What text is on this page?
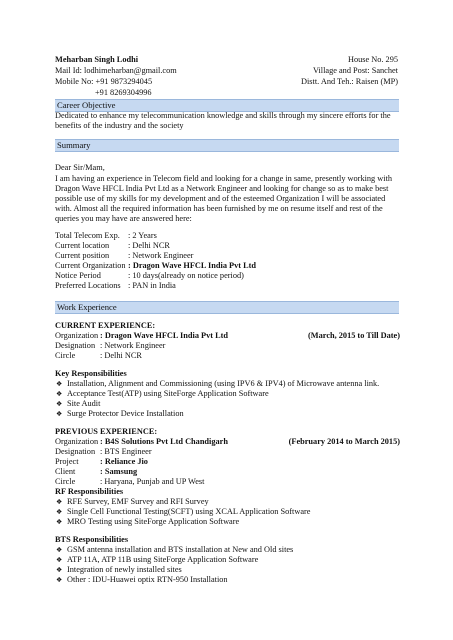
Meharban Singh Lodhi	House No. 295
Mail Id: lodhimeharban@gmail.com	Village and Post: Sanchet
Mobile No: +91 9873294045	Distt. And Teh.: Raisen (MP)
+91 8269304996
Career Objective
Dedicated to enhance my telecommunication knowledge and skills through my sincere efforts for the benefits of the industry and the society
Summary
Dear Sir/Mam,
I am having an experience in Telecom field and looking for a change in same, presently working with Dragon Wave HFCL India Pvt Ltd as a Network Engineer and looking for change so as to make best possible use of my skills for my development and of the esteemed Organization I will be associated with. Almost all the required information has been furnished by me on resume itself and rest of the queries you may have are answered here:
Total Telecom Exp. : 2 Years
Current location : Delhi NCR
Current position : Network Engineer
Current Organization : Dragon Wave HFCL India Pvt Ltd
Notice Period	: 10 days(already on notice period)
Preferred Locations : PAN in India
Work Experience
CURRENT EXPERIENCE:
Organization : Dragon Wave HFCL India Pvt Ltd	(March, 2015 to Till Date)
Designation : Network Engineer
Circle	: Delhi NCR
Key Responsibilities
❖ Installation, Alignment and Commissioning (using IPV6 & IPV4) of Microwave antenna link.
❖ Acceptance Test(ATP) using SiteForge Application Software
❖ Site Audit
❖ Surge Protector Device Installation
PREVIOUS EXPERIENCE:
Organization : B4S Solutions Pvt Ltd Chandigarh	(February 2014 to March 2015)
Designation : BTS Engineer
Project	: Reliance Jio
Client	: Samsung
Circle	: Haryana, Punjab and UP West
RF Responsibilities
❖ RFE Survey, EMF Survey and RFI Survey
❖ Single Cell Functional Testing(SCFT) using XCAL Application Software
❖ MRO Testing using SiteForge Application Software
BTS Responsibilities
❖ GSM antenna installation and BTS installation at New and Old sites
❖ ATP 11A, ATP 11B using SiteForge Application Software
❖ Integration of newly installed sites
❖ Other : IDU-Huawei optix RTN-950 Installation
